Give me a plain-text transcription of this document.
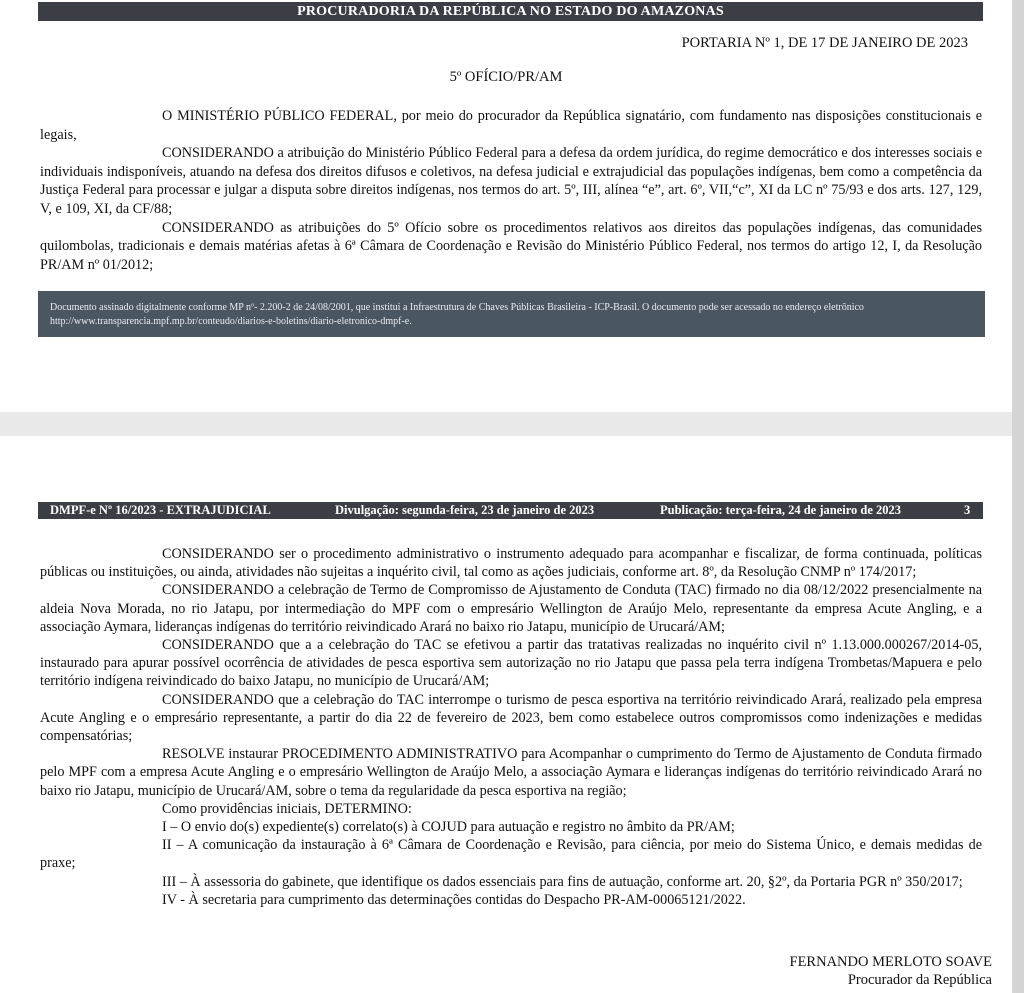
PROCURADORIA DA REPÚBLICA NO ESTADO DO AMAZONAS
PORTARIA Nº 1, DE 17 DE JANEIRO DE 2023
5º OFÍCIO/PR/AM

O MINISTÉRIO PÚBLICO FEDERAL, por meio do procurador da República signatário, com fundamento nas disposições constitucionais e legais,

CONSIDERANDO a atribuição do Ministério Público Federal para a defesa da ordem jurídica, do regime democrático e dos interesses sociais e individuais indisponíveis, atuando na defesa dos direitos difusos e coletivos, na defesa judicial e extrajudicial das populações indígenas, bem como a competência da Justiça Federal para processar e julgar a disputa sobre direitos indígenas, nos termos do art. 5º, III, alínea “e”, art. 6º, VII,“c”, XI da LC nº 75/93 e dos arts. 127, 129, V, e 109, XI, da CF/88;

CONSIDERANDO as atribuições do 5º Ofício sobre os procedimentos relativos aos direitos das populações indígenas, das comunidades quilombolas, tradicionais e demais matérias afetas à 6ª Câmara de Coordenação e Revisão do Ministério Público Federal, nos termos do artigo 12, I, da Resolução PR/AM nº 01/2012;

Documento assinado digitalmente conforme MP nº- 2.200-2 de 24/08/2001, que institui a Infraestrutura de Chaves Públicas Brasileira - ICP-Brasil. O documento pode ser acessado no endereço eletrônico http://www.transparencia.mpf.mp.br/conteudo/diarios-e-boletins/diario-eletronico-dmpf-e.
DMPF-e Nº 16/2023 - EXTRAJUDICIAL	Divulgação: segunda-feira, 23 de janeiro de 2023	Publicação: terça-feira, 24 de janeiro de 2023	3

CONSIDERANDO ser o procedimento administrativo o instrumento adequado para acompanhar e fiscalizar, de forma continuada, políticas públicas ou instituições, ou ainda, atividades não sujeitas a inquérito civil, tal como as ações judiciais, conforme art. 8º, da Resolução CNMP nº 174/2017;

CONSIDERANDO a celebração de Termo de Compromisso de Ajustamento de Conduta (TAC) firmado no dia 08/12/2022 presencialmente na aldeia Nova Morada, no rio Jatapu, por intermediação do MPF com o empresário Wellington de Araújo Melo, representante da empresa Acute Angling, e a associação Aymara, lideranças indígenas do território reivindicado Arará no baixo rio Jatapu, município de Urucará/AM;

CONSIDERANDO que a a celebração do TAC se efetivou a partir das tratativas realizadas no inquérito civil nº 1.13.000.000267/2014-05, instaurado para apurar possível ocorrência de atividades de pesca esportiva sem autorização no rio Jatapu que passa pela terra indígena Trombetas/Mapuera e pelo território indígena reivindicado do baixo Jatapu, no município de Urucará/AM;

CONSIDERANDO que a celebração do TAC interrompe o turismo de pesca esportiva na território reivindicado Arará, realizado pela empresa Acute Angling e o empresário representante, a partir do dia 22 de fevereiro de 2023, bem como estabelece outros compromissos como indenizações e medidas compensatórias;

RESOLVE instaurar PROCEDIMENTO ADMINISTRATIVO para Acompanhar o cumprimento do Termo de Ajustamento de Conduta firmado pelo MPF com a empresa Acute Angling e o empresário Wellington de Araújo Melo, a associação Aymara e lideranças indígenas do território reivindicado Arará no baixo rio Jatapu, município de Urucará/AM, sobre o tema da regularidade da pesca esportiva na região;

Como providências iniciais, DETERMINO:

I – O envio do(s) expediente(s) correlato(s) à COJUD para autuação e registro no âmbito da PR/AM;

II – A comunicação da instauração à 6ª Câmara de Coordenação e Revisão, para ciência, por meio do Sistema Único, e demais medidas de praxe;

III – À assessoria do gabinete, que identifique os dados essenciais para fins de autuação, conforme art. 20, §2º, da Portaria PGR nº 350/2017;

IV - À secretaria para cumprimento das determinações contidas do Despacho PR-AM-00065121/2022.

FERNANDO MERLOTO SOAVE
Procurador da República
